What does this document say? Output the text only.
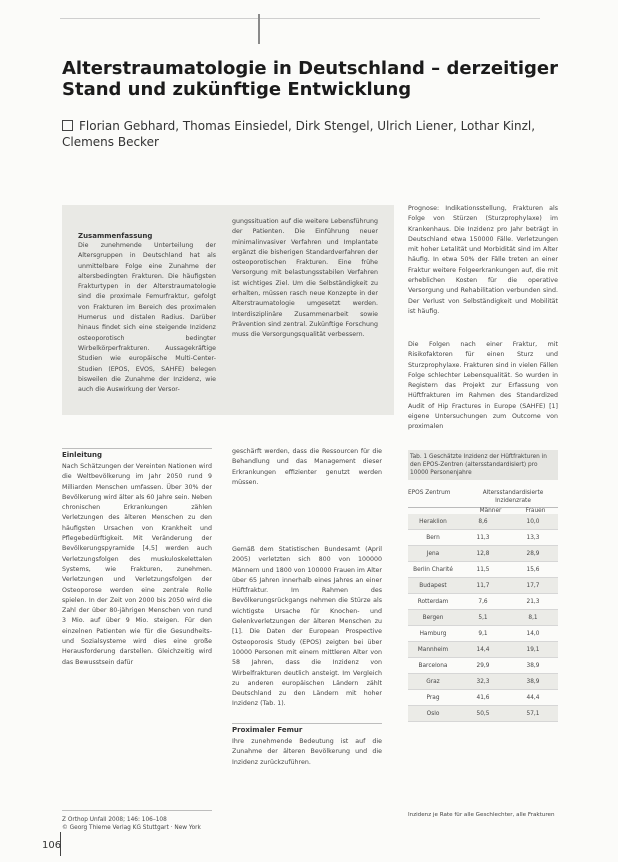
Alterstraumatologie in Deutschland – derzeitiger Stand und zukünftige Entwicklung
Florian Gebhard, Thomas Einsiedel, Dirk Stengel, Ulrich Liener, Lothar Kinzl, Clemens Becker
Zusammenfassung

Die zunehmende Unterteilung der Altersgruppen in Deutschland hat als unmittelbare Folge eine Zunahme der altersbedingten Frakturen. Die häufigsten Frakturtypen in der Alterstraumatologie sind die proximale Femurfraktur, gefolgt von Frakturen im Bereich des proximalen Humerus und distalen Radius. Darüber hinaus findet sich eine steigende Inzidenz osteoporotisch bedingter Wirbelkörperfrakturen. Aussagekräftige Studien wie europäische Multi-Center-Studien (EPOS, EVOS, SAHFE) belegen bisweilen die Zunahme der Inzidenz, wie auch die Auswirkung der Versor-

gungssituation auf die weitere Lebensführung der Patienten. Die Einführung neuer minimalinvasiver Verfahren und Implantate ergänzt die bisherigen Standardverfahren der osteoporotischen Frakturen. Eine frühe Versorgung mit belastungsstabilen Verfahren ist wichtiges Ziel. Um die Selbständigkeit zu erhalten, müssen rasch neue Konzepte in der Alterstraumatologie umgesetzt werden. Interdisziplinäre Zusammenarbeit sowie Prävention sind zentral. Zukünftige Forschung muss die Versorgungsqualität verbessern.

Prognose: Indikationsstellung, Frakturen als Folge von Stürzen (Sturzprophylaxe) im Krankenhaus. Die Inzidenz pro Jahr beträgt in Deutschland etwa 150000 Fälle. Verletzungen mit hoher Letalität und Morbidität sind im Alter häufig. In etwa 50% der Fälle treten an einer Fraktur weitere Folgeerkrankungen auf, die mit erheblichen Kosten für die operative Versorgung und Rehabilitation verbunden sind. Der Verlust von Selbständigkeit und Mobilität ist häufig.

Die Folgen nach einer Fraktur, mit Risikofaktoren für einen Sturz und Sturzprophylaxe. Frakturen sind in vielen Fällen Folge schlechter Lebensqualität. So wurden in Registern das Projekt zur Erfassung von Hüftfrakturen im Rahmen des Standardized Audit of Hip Fractures in Europe (SAHFE) [1] eigene Untersuchungen zum Outcome von proximalen

Einleitung

Nach Schätzungen der Vereinten Nationen wird die Weltbevölkerung im Jahr 2050 rund 9 Milliarden Menschen umfassen. Über 30% der Bevölkerung wird älter als 60 Jahre sein. Neben chronischen Erkrankungen zählen Verletzungen des älteren Menschen zu den häufigsten Ursachen von Krankheit und Pflegebedürftigkeit. Mit Veränderung der Bevölkerungspyramide [4,5] werden auch Verletzungsfolgen des muskuloskelettalen Systems, wie Frakturen, zunehmen. Verletzungen und Verletzungsfolgen der Osteoporose werden eine zentrale Rolle spielen. In der Zeit von 2000 bis 2050 wird die Zahl der über 80-jährigen Menschen von rund 3 Mio. auf über 9 Mio. steigen. Für den einzelnen Patienten wie für die Gesundheits- und Sozialsysteme wird dies eine große Herausforderung darstellen. Gleichzeitig wird das Bewusstsein dafür

geschärft werden, dass die Ressourcen für die Behandlung und das Management dieser Erkrankungen effizienter genutzt werden müssen.

Gemäß dem Statistischen Bundesamt (April 2005) verletzten sich 800 von 100000 Männern und 1800 von 100000 Frauen im Alter über 65 Jahren innerhalb eines Jahres an einer Hüftfraktur. Im Rahmen des Bevölkerungsrückgangs nehmen die Stürze als wichtigste Ursache für Knochen- und Gelenkverletzungen der älteren Menschen zu [1]. Die Daten der European Prospective Osteoporosis Study (EPOS) zeigten bei über 10000 Personen mit einem mittleren Alter von 58 Jahren, dass die Inzidenz von Wirbelfrakturen deutlich ansteigt. Im Vergleich zu anderen europäischen Ländern zählt Deutschland zu den Ländern mit hoher Inzidenz (Tab. 1).

Proximaler Femur

Ihre zunehmende Bedeutung ist auf die Zunahme der älteren Bevölkerung und die Inzidenz zurückzuführen.

Z Orthop Unfall 2008; 146: 106–108
© Georg Thieme Verlag KG Stuttgart · New York
106
Tab. 1 Geschätzte Inzidenz der Hüftfrakturen in den EPOS-Zentren (altersstandardisiert) pro 10000 Personenjahre
EPOS Zentrum	Altersstandardisierte Inzidenzrate
Männer	Frauen
Heraklion	8,6	10,0
Bern	11,3	13,3
Jena	12,8	28,9
Berlin Charité	11,5	15,6
Budapest	11,7	17,7
Rotterdam	7,6	21,3
Bergen	5,1	8,1
Hamburg	9,1	14,0
Mannheim	14,4	19,1
Barcelona	29,9	38,9
Graz	32,3	38,9
Prag	41,6	44,4
Oslo	50,5	57,1
Inzidenz je Rate für alle Geschlechter, alle Frakturen
